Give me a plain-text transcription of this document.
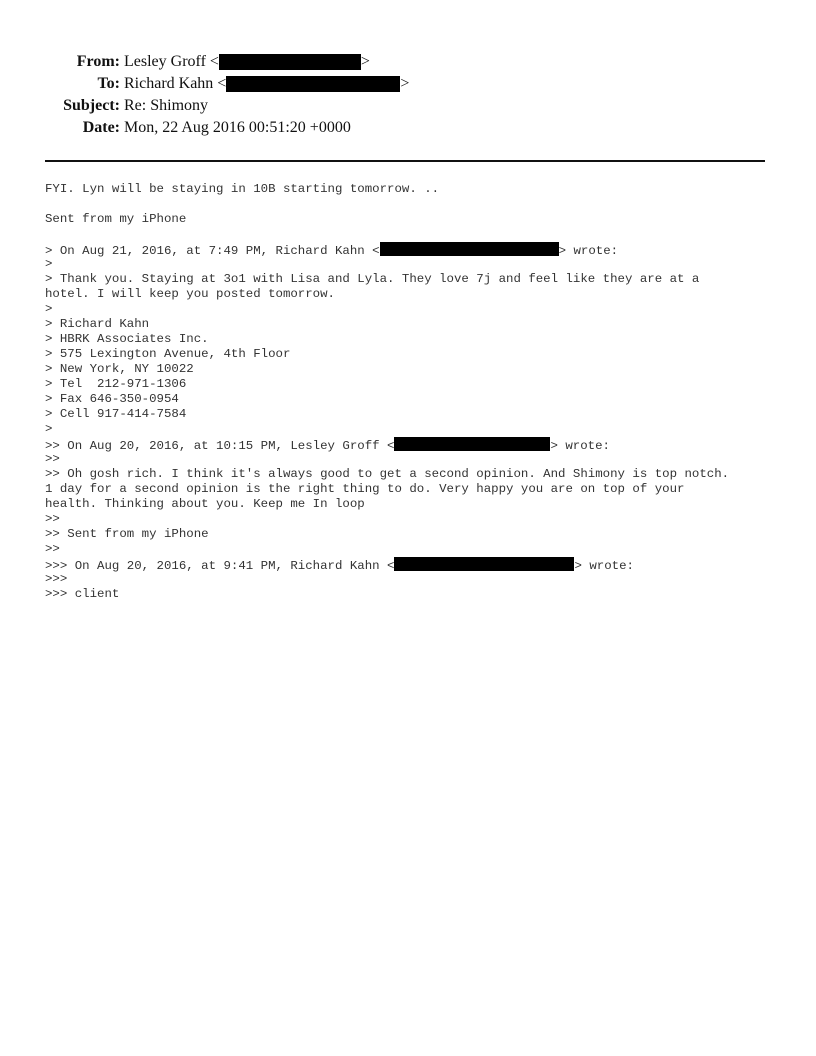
From: Lesley Groff <	>
To: Richard Kahn <	>
Subject: Re: Shimony
Date: Mon, 22 Aug 2016 00:51:20 +0000
FYI. Lyn will be staying in 10B starting tomorrow. ..
Sent from my iPhone
> On Aug 21, 2016, at 7:49 PM, Richard Kahn <	> wrote:
>
> Thank you. Staying at 3o1 with Lisa and Lyla. They love 7j and feel like they are at a
hotel. I will keep you posted tomorrow.
>
> Richard Kahn
> HBRK Associates Inc.
> 575 Lexington Avenue, 4th Floor
> New York, NY 10022
> Tel  212-971-1306
> Fax 646-350-0954
> Cell 917-414-7584
>
>> On Aug 20, 2016, at 10:15 PM, Lesley Groff <	> wrote:
>>
>> Oh gosh rich. I think it's always good to get a second opinion. And Shimony is top notch.
1 day for a second opinion is the right thing to do. Very happy you are on top of your
health. Thinking about you. Keep me In loop
>>
>> Sent from my iPhone
>>
>>> On Aug 20, 2016, at 9:41 PM, Richard Kahn <	> wrote:
>>>
>>> client
